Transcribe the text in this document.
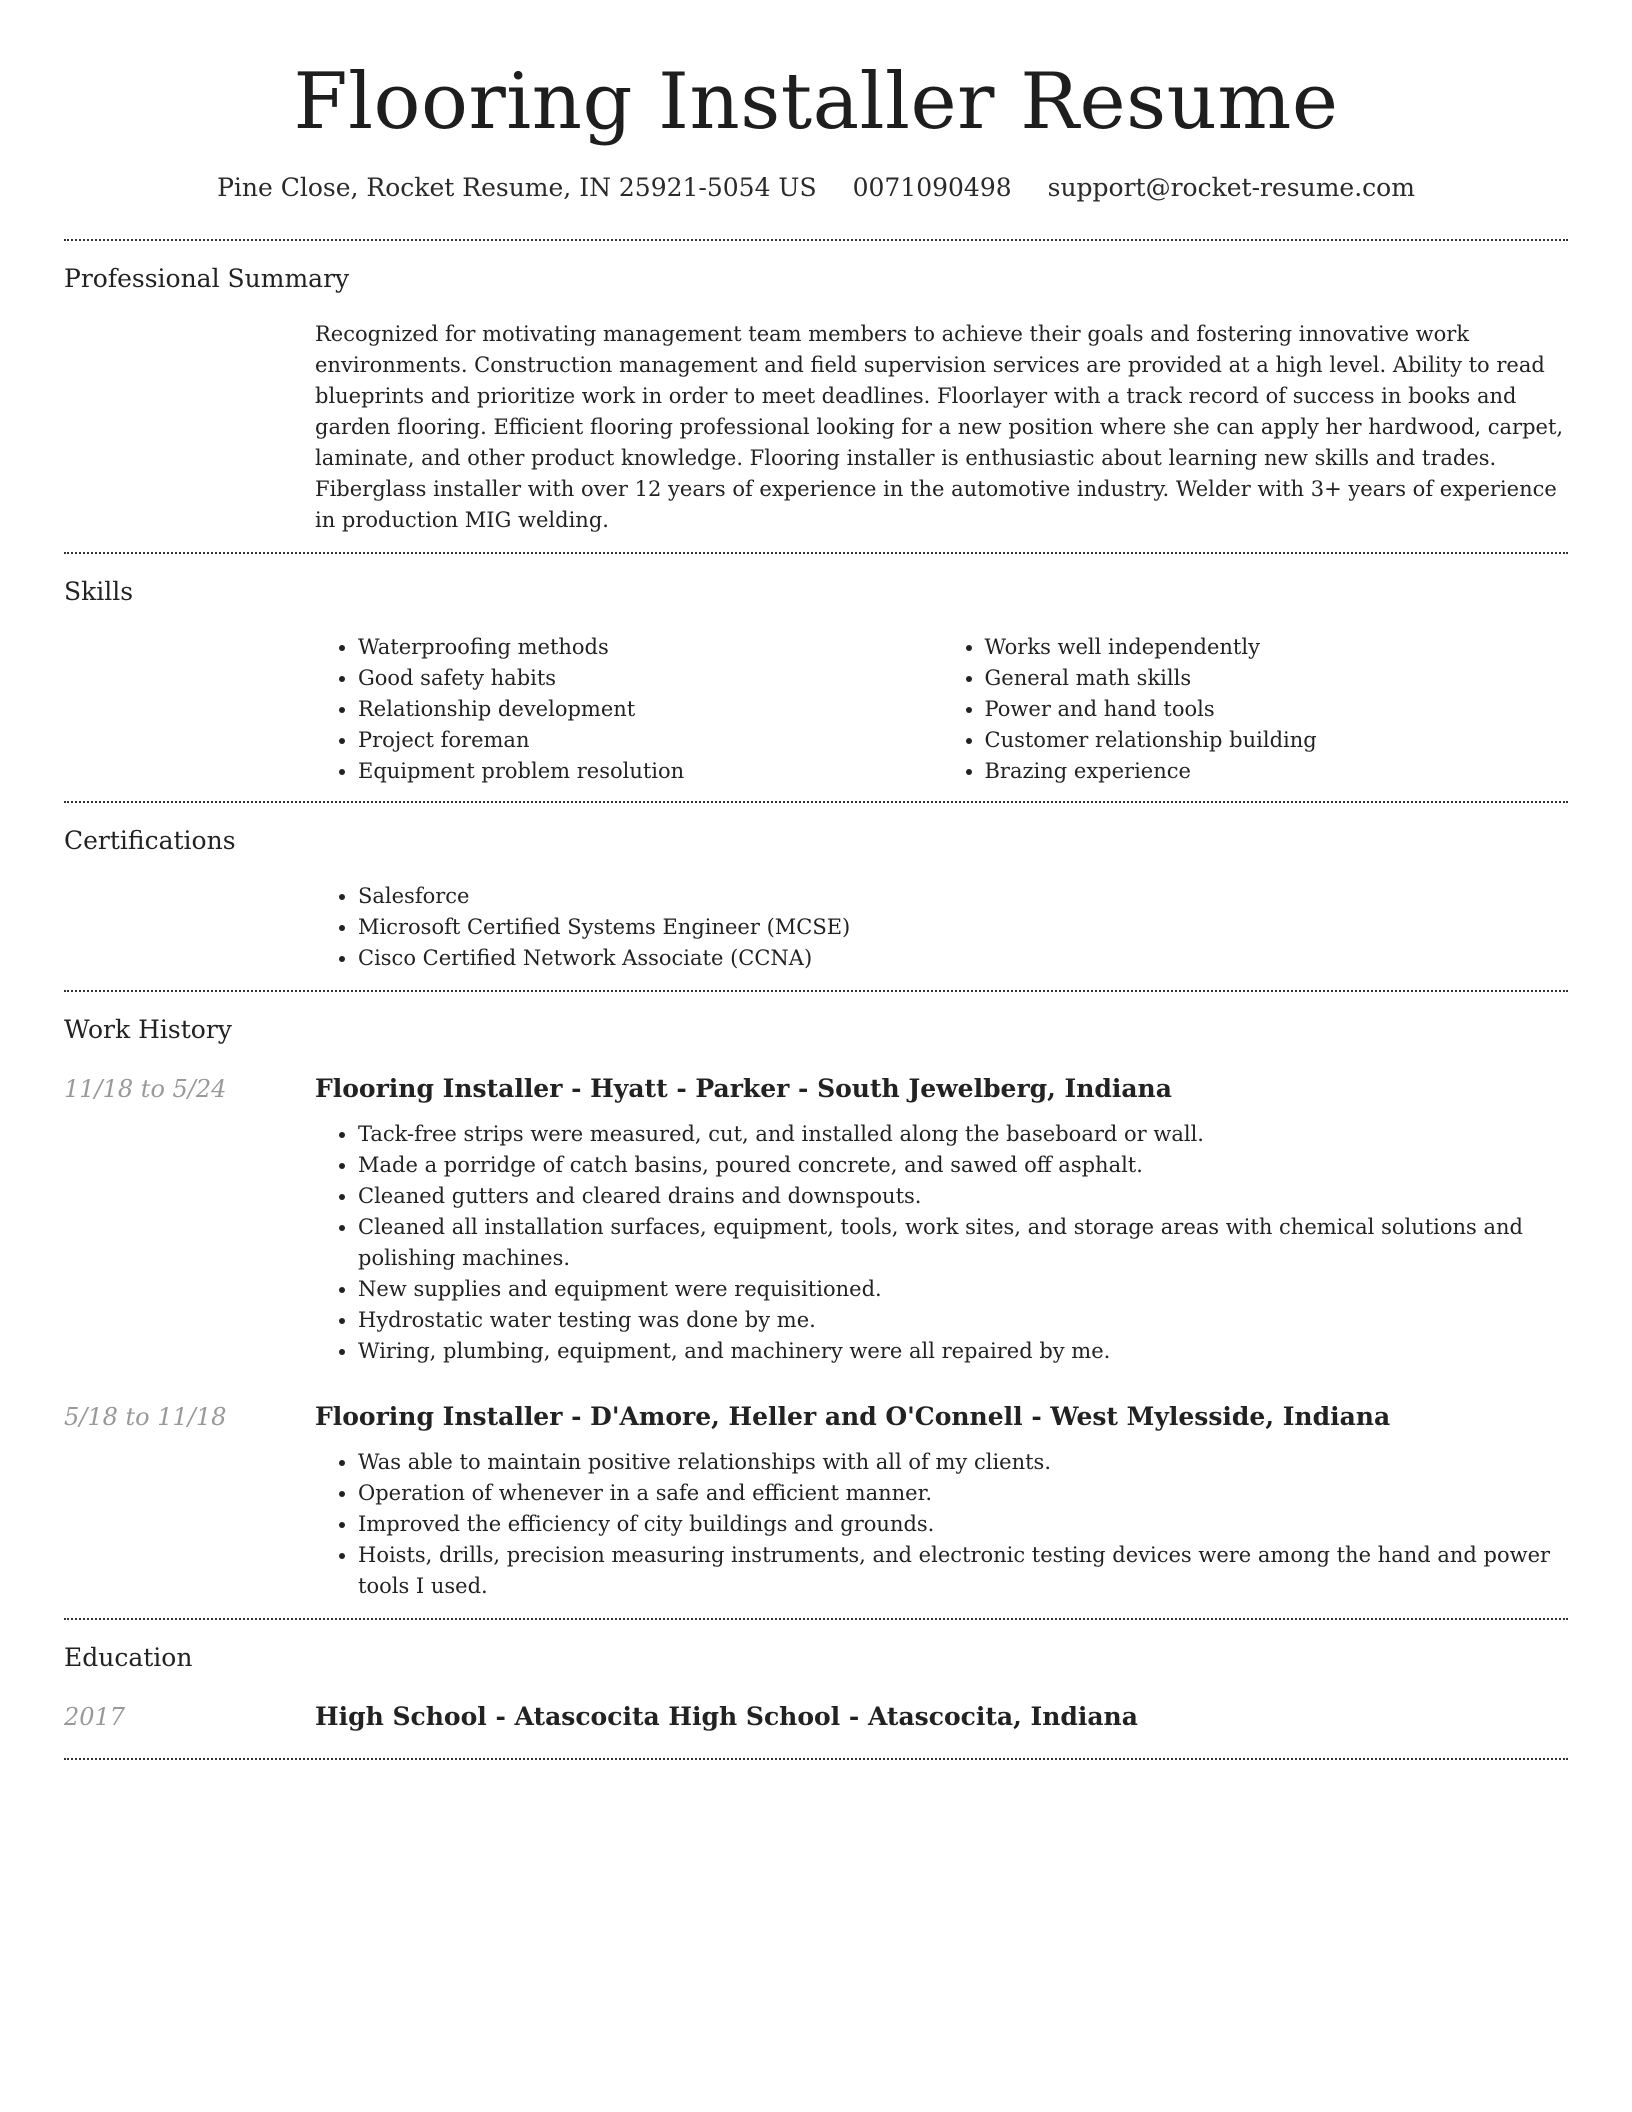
Flooring Installer Resume
Pine Close, Rocket Resume, IN 25921-5054 US 0071090498 support@rocket-resume.com
Professional Summary

Recognized for motivating management team members to achieve their goals and fostering innovative work environments. Construction management and field supervision services are provided at a high level. Ability to read blueprints and prioritize work in order to meet deadlines. Floorlayer with a track record of success in books and garden flooring. Efficient flooring professional looking for a new position where she can apply her hardwood, carpet, laminate, and other product knowledge. Flooring installer is enthusiastic about learning new skills and trades. Fiberglass installer with over 12 years of experience in the automotive industry. Welder with 3+ years of experience in production MIG welding.

Skills
• Waterproofing methods
• Good safety habits
• Relationship development
• Project foreman
• Equipment problem resolution
• Works well independently
• General math skills
• Power and hand tools
• Customer relationship building
• Brazing experience
Certifications
• Salesforce
• Microsoft Certified Systems Engineer (MCSE)
• Cisco Certified Network Associate (CCNA)
Work History
11/18 to 5/24	Flooring Installer - Hyatt - Parker - South Jewelberg, Indiana
• Tack-free strips were measured, cut, and installed along the baseboard or wall.
• Made a porridge of catch basins, poured concrete, and sawed off asphalt.
• Cleaned gutters and cleared drains and downspouts.
• Cleaned all installation surfaces, equipment, tools, work sites, and storage areas with chemical solutions and polishing machines.
• New supplies and equipment were requisitioned.
• Hydrostatic water testing was done by me.
• Wiring, plumbing, equipment, and machinery were all repaired by me.
5/18 to 11/18	Flooring Installer - D'Amore, Heller and O'Connell - West Mylesside, Indiana
• Was able to maintain positive relationships with all of my clients.
• Operation of whenever in a safe and efficient manner.
• Improved the efficiency of city buildings and grounds.
• Hoists, drills, precision measuring instruments, and electronic testing devices were among the hand and power tools I used.
Education
2017	High School - Atascocita High School - Atascocita, Indiana
